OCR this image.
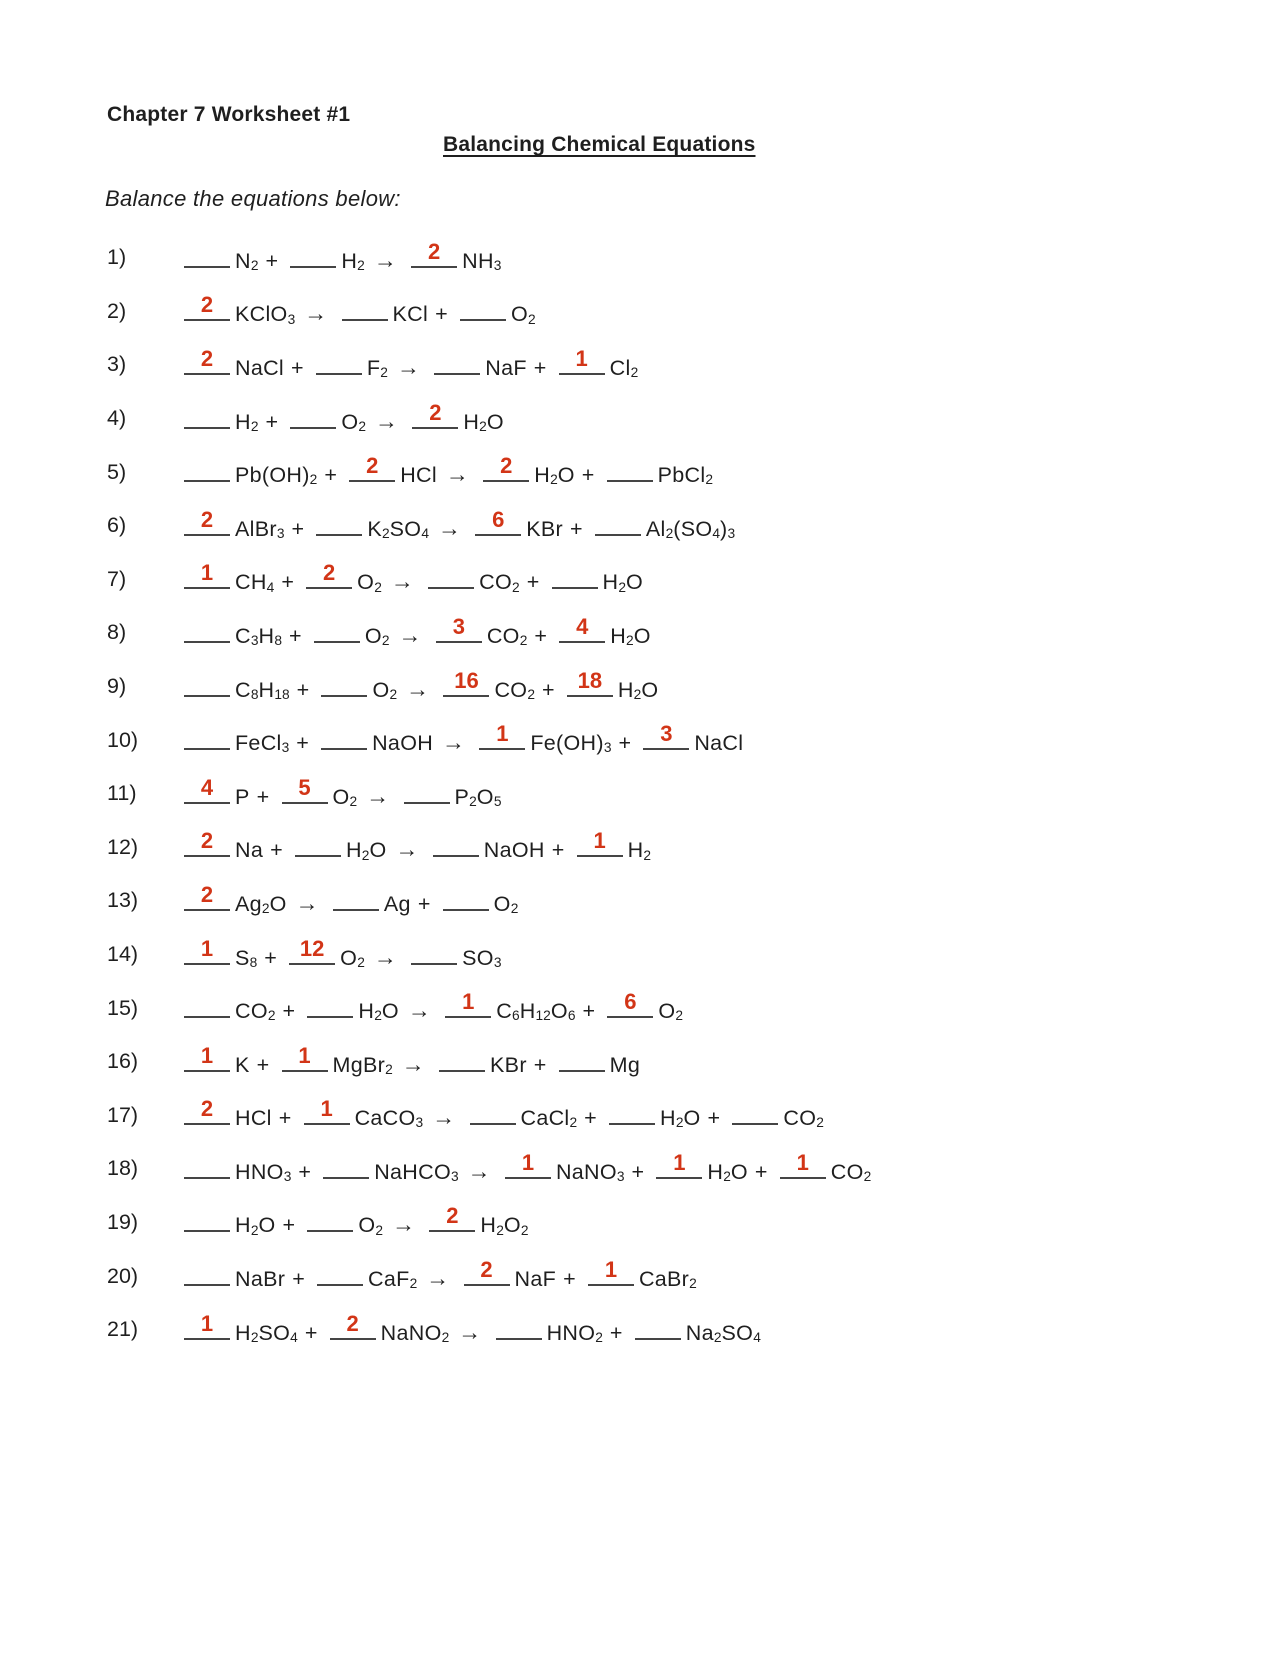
Chapter 7 Worksheet #1
Balancing Chemical Equations
Balance the equations below:
1)	N2 +	H2 →	2	NH3
2)	2	KClO3 →	KCl +	O2
3)	2	NaCl +	F2 →	NaF +	1	Cl2
4)	H2 +	O2 →	2	H2O
5)	Pb(OH)2 +	2	HCl →	2	H2O +	PbCl2
6)	2	AlBr3 +	K2SO4 →	6	KBr +	Al2(SO4)3
7)	1	CH4 +	2	O2 →	CO2 +	H2O
8)	C3H8 +	O2 →	3	CO2 +	4	H2O
9)	C8H18 +	O2 →	16 CO2 +	18 H2O
10)	FeCl3 +	NaOH →	1	Fe(OH)3 +	3	NaCl
11)	4	P +	5	O2 →	P2O5
12)	2	Na +	H2O →	NaOH +	1	H2
13)	2	Ag2O →	Ag +	O2
14)	1	S8 +	12 O2 →	SO3
15)	CO2 +	H2O →	1	C6H12O6 +	6	O2
16)	1	K +	1	MgBr2 →	KBr +	Mg
17)	2	HCl +	1	CaCO3 →	CaCl2 +	H2O +	CO2
18)	HNO3 +	NaHCO3 →	1	NaNO3 +	1	H2O +	1	CO2
19)	H2O +	O2 →	2	H2O2
20)	NaBr +	CaF2 →	2	NaF +	1	CaBr2
21)	1	H2SO4 +	2	NaNO2 →	HNO2 +	Na2SO4
